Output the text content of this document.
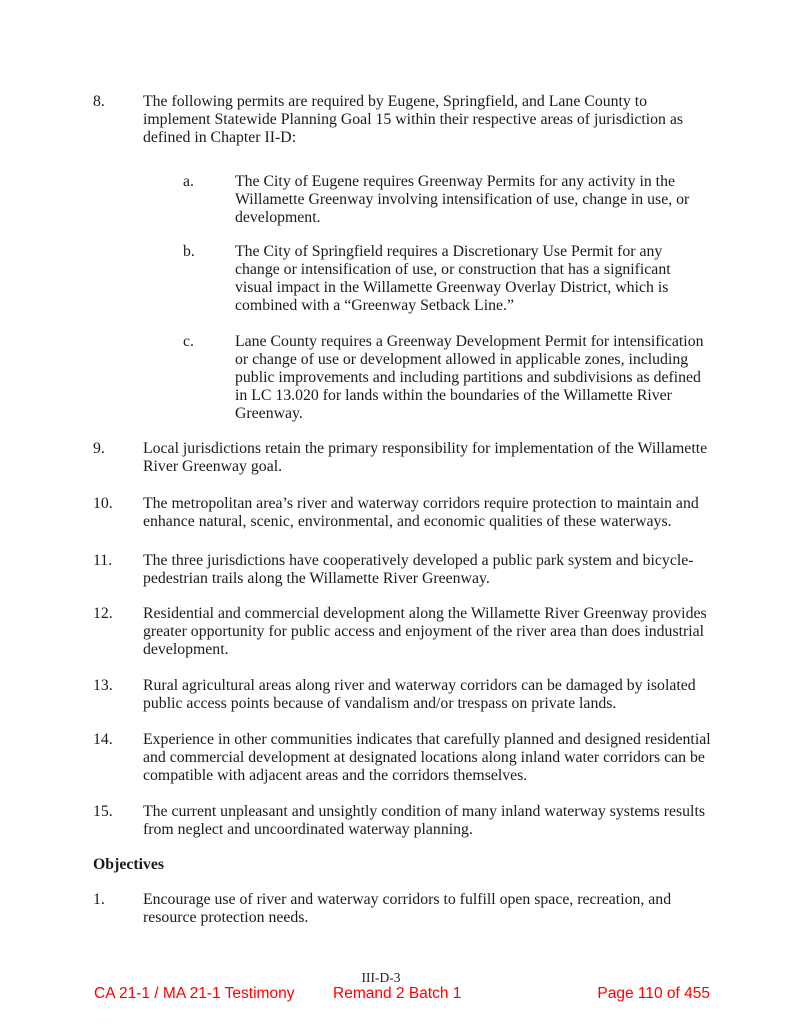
8.	The following permits are required by Eugene, Springfield, and Lane County to
implement Statewide Planning Goal 15 within their respective areas of jurisdiction as
defined in Chapter II-D:
a.	The City of Eugene requires Greenway Permits for any activity in the
Willamette Greenway involving intensification of use, change in use, or
development.
b.	The City of Springfield requires a Discretionary Use Permit for any
change or intensification of use, or construction that has a significant
visual impact in the Willamette Greenway Overlay District, which is
combined with a “Greenway Setback Line.”
c.	Lane County requires a Greenway Development Permit for intensification
or change of use or development allowed in applicable zones, including
public improvements and including partitions and subdivisions as defined
in LC 13.020 for lands within the boundaries of the Willamette River
Greenway.
9.	Local jurisdictions retain the primary responsibility for implementation of the Willamette
River Greenway goal.
10.	The metropolitan area’s river and waterway corridors require protection to maintain and
enhance natural, scenic, environmental, and economic qualities of these waterways.
11.	The three jurisdictions have cooperatively developed a public park system and bicycle-
pedestrian trails along the Willamette River Greenway.
12.	Residential and commercial development along the Willamette River Greenway provides
greater opportunity for public access and enjoyment of the river area than does industrial
development.
13.	Rural agricultural areas along river and waterway corridors can be damaged by isolated
public access points because of vandalism and/or trespass on private lands.
14.	Experience in other communities indicates that carefully planned and designed residential
and commercial development at designated locations along inland water corridors can be
compatible with adjacent areas and the corridors themselves.
15.	The current unpleasant and unsightly condition of many inland waterway systems results
from neglect and uncoordinated waterway planning.
Objectives
1.	Encourage use of river and waterway corridors to fulfill open space, recreation, and
resource protection needs.
III-D-3
CA 21-1 / MA 21-1 Testimony Remand 2 Batch 1	Page 110 of 455
